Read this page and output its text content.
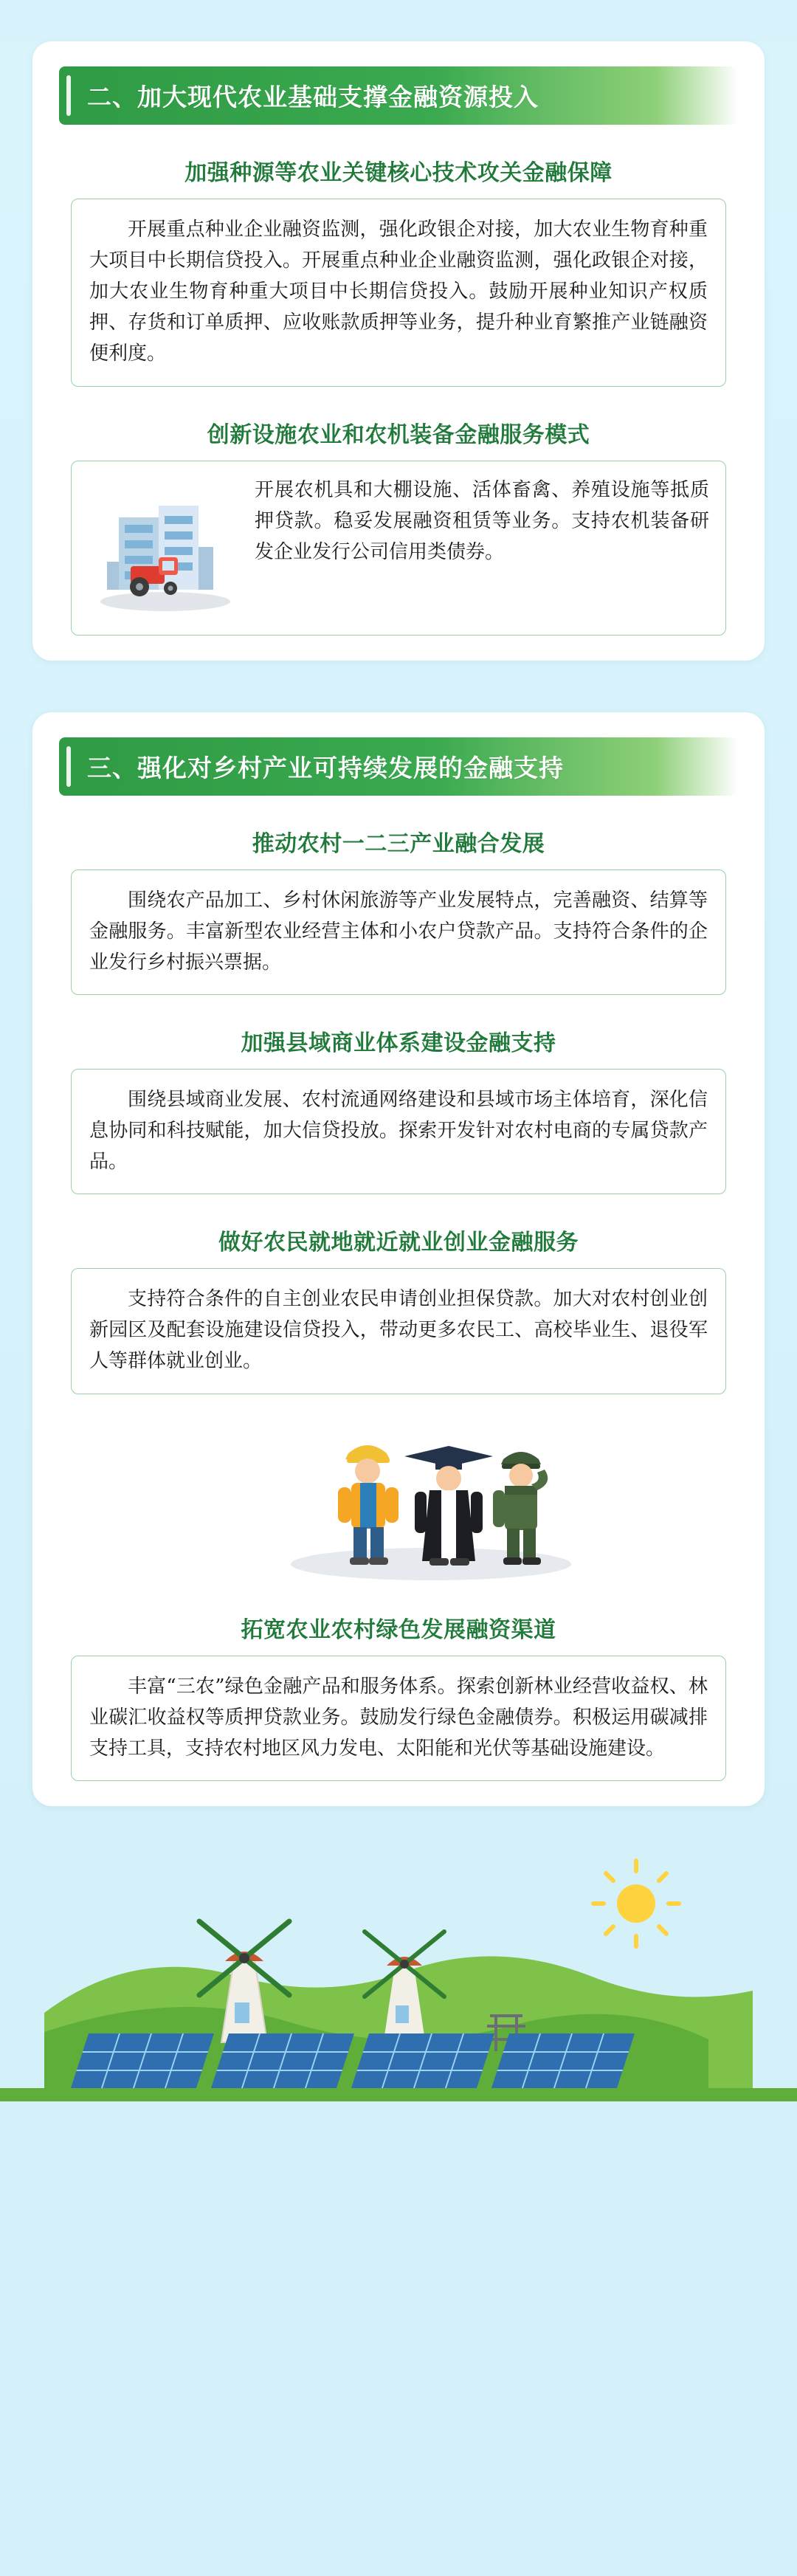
二、加大现代农业基础支撑金融资源投入
加强种源等农业关键核心技术攻关金融保障

开展重点种业企业融资监测，强化政银企对接，加大农业生物育种重大项目中长期信贷投入。开展重点种业企业融资监测，强化政银企对接，加大农业生物育种重大项目中长期信贷投入。鼓励开展种业知识产权质押、存货和订单质押、应收账款质押等业务，提升种业育繁推产业链融资便利度。

创新设施农业和农机装备金融服务模式

开展农机具和大棚设施、活体畜禽、养殖设施等抵质押贷款。稳妥发展融资租赁等业务。支持农机装备研发企业发行公司信用类债券。

三、强化对乡村产业可持续发展的金融支持
推动农村一二三产业融合发展

围绕农产品加工、乡村休闲旅游等产业发展特点，完善融资、结算等金融服务。丰富新型农业经营主体和小农户贷款产品。支持符合条件的企业发行乡村振兴票据。

加强县域商业体系建设金融支持

围绕县域商业发展、农村流通网络建设和县域市场主体培育，深化信息协同和科技赋能，加大信贷投放。探索开发针对农村电商的专属贷款产品。

做好农民就地就近就业创业金融服务

支持符合条件的自主创业农民申请创业担保贷款。加大对农村创业创新园区及配套设施建设信贷投入，带动更多农民工、高校毕业生、退役军人等群体就业创业。

拓宽农业农村绿色发展融资渠道

丰富“三农”绿色金融产品和服务体系。探索创新林业经营收益权、林业碳汇收益权等质押贷款业务。鼓励发行绿色金融债券。积极运用碳减排支持工具，支持农村地区风力发电、太阳能和光伏等基础设施建设。
